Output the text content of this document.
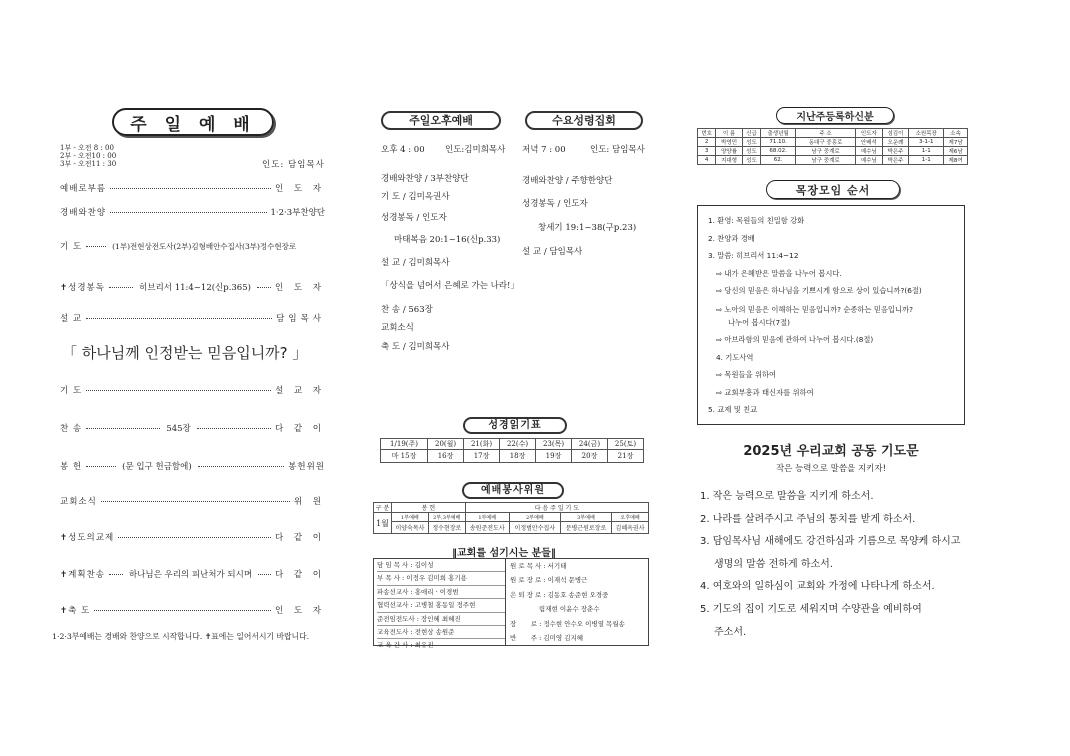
주 일 예 배
1부 - 오전 8 : 00
2부 - 오전10 : 00
3부 - 오전11 : 30	인도: 담임목사
예배로부름	인 도 자
경배와찬양	1·2·3부찬양단
기 도	(1부)전현상전도사(2부)김형배안수집사(3부)정수현장로
✝성경봉독	히브리서 11:4~12(신p.365)	인 도 자
설 교	담임목사
「 하나님께 인정받는 믿음입니까? 」
기 도	설 교 자
찬 송	545장	다 같 이
봉 헌	(문 입구 헌금함에)	봉헌위원
교회소식	위 원
✝성도의교제	다 같 이
✝계획찬송	하나님은 우리의 피난처가 되시며	다 같 이
✝축 도	인 도 자
1·2·3부예배는 경배와 찬양으로 시작합니다. ✝표에는 일어서시기 바랍니다.
주일오후예배
오후 4 : 00 인도:김미희목사
경배와찬양 / 3부찬양단
기 도 / 김미옥권사
성경봉독 / 인도자
마태복음 20:1~16(신p.33)
설 교 / 김미희목사
「상식을 넘어서 은혜로 가는 나라!」
찬 송 / 563장
교회소식
축 도 / 김미희목사
수요성령집회
저녁 7 : 00	인도: 담임목사
경배와찬양 / 주향한양단
성경봉독 / 인도자
창세기 19:1~38(구p.23)
설 교 / 담임목사
성경읽기표
1/19(주)	20(월)	21(화)	22(수)	23(목)	24(금)	25(토)
마 15장	16장	17장	18장	19장	20장	21장
예배봉사위원
구 분	봉 헌		다 음 주 일 기 도			
1월	1부예배	2부,3부예배	1부예배	2부예배	3부예배	오후예배
	이양숙목사	정수현장로	송원준전도사	이정범안수집사	문병근원로장로	김혜옥권사
‖교회를 섬기시는 분들‖
담 임 목 사 : 김이성
부 목 사 : 이정우 김미희 홍기용
파송선교사 : 홍애리 · 이경범
협력선교사 : 고병철 홍동일 정주현
준전임전도사 : 장인혜 최혜진
교육전도사 : 전현상 송원준
교 육 간 사 : 최유진
원 로 목 사 : 서기태
원 로 장 로 : 이재석 문병근
은 퇴 장 로 : 김동호 송준현 오경중
림재현 이윤수 장춘수
장       로 : 정수현 안수오 이병열 목월송
반       주 : 김미영 김지혜
지난주등록하신분
번호	이 름	신급	출생년월	주 소	인도자	섬김이	소원목장	소속
2	박영민	성도	71.10.	동대구 중흥로	안배석	오운례	3-1-1	제7남
3	양양률	성도	68.02.	남구 중계로	예수님	박은주	1-1	제6남
4	지대형	성도	62.	남구 중계로	예수님	박은주	1-1	제8여
목장모임 순서
1. 환영: 목원들의 친밀함 강화
2. 찬양과 경배
3. 말씀: 히브리서 11:4~12
⇨ 내가 은혜받은 말씀을 나누어 봅시다.
⇨ 당신의 믿음은 하나님을 기쁘시게 함으로 상이 있습니까?(6절)
⇨ 노아의 믿음은 이해하는 믿음입니까? 순종하는 믿음입니까?
나누어 봅시다(7절)
⇨ 아브라함의 믿음에 관하여 나누어 봅시다.(8절)
4. 기도사역
⇨ 목원들을 위하여
⇨ 교회부흥과 태신자를 위하여
5. 교제 및 친교
2025년 우리교회 공동 기도문
작은 능력으로 말씀을 지키자!
1. 작은 능력으로 말씀을 지키게 하소서.
2. 나라를 살려주시고 주님의 통치를 받게 하소서.
3. 담임목사님 새해에도 강건하심과 기름으로 목양케 하시고
생명의 말씀 전하게 하소서.
4. 여호와의 일하심이 교회와 가정에 나타나게 하소서.
5. 기도의 집이 기도로 세워지며 수양관을 예비하여
주소서.
